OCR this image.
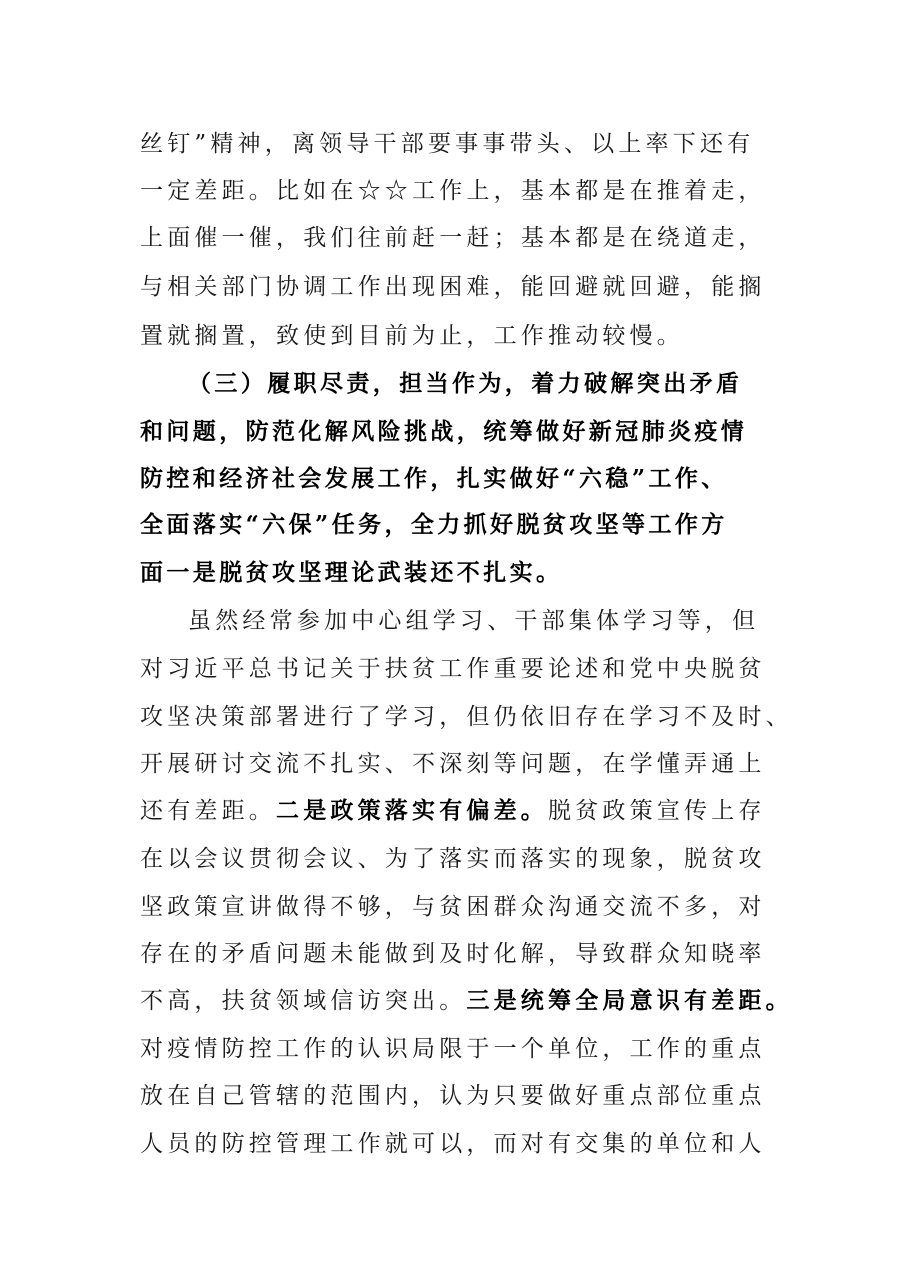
丝钉”精神，离领导干部要事事带头、以上率下还有
一定差距。比如在☆☆工作上，基本都是在推着走，
上面催一催，我们往前赶一赶；基本都是在绕道走，
与相关部门协调工作出现困难，能回避就回避，能搁
置就搁置，致使到目前为止，工作推动较慢。
（三）履职尽责，担当作为，着力破解突出矛盾
和问题，防范化解风险挑战，统筹做好新冠肺炎疫情
防控和经济社会发展工作，扎实做好“六稳”工作、
全面落实“六保”任务，全力抓好脱贫攻坚等工作方
面一是脱贫攻坚理论武装还不扎实。
虽然经常参加中心组学习、干部集体学习等，但
对习近平总书记关于扶贫工作重要论述和党中央脱贫
攻坚决策部署进行了学习，但仍依旧存在学习不及时、
开展研讨交流不扎实、不深刻等问题，在学懂弄通上
还有差距。二是政策落实有偏差。脱贫政策宣传上存
在以会议贯彻会议、为了落实而落实的现象，脱贫攻
坚政策宣讲做得不够，与贫困群众沟通交流不多，对
存在的矛盾问题未能做到及时化解，导致群众知晓率
不高，扶贫领域信访突出。三是统筹全局意识有差距。
对疫情防控工作的认识局限于一个单位，工作的重点
放在自己管辖的范围内，认为只要做好重点部位重点
人员的防控管理工作就可以，而对有交集的单位和人
